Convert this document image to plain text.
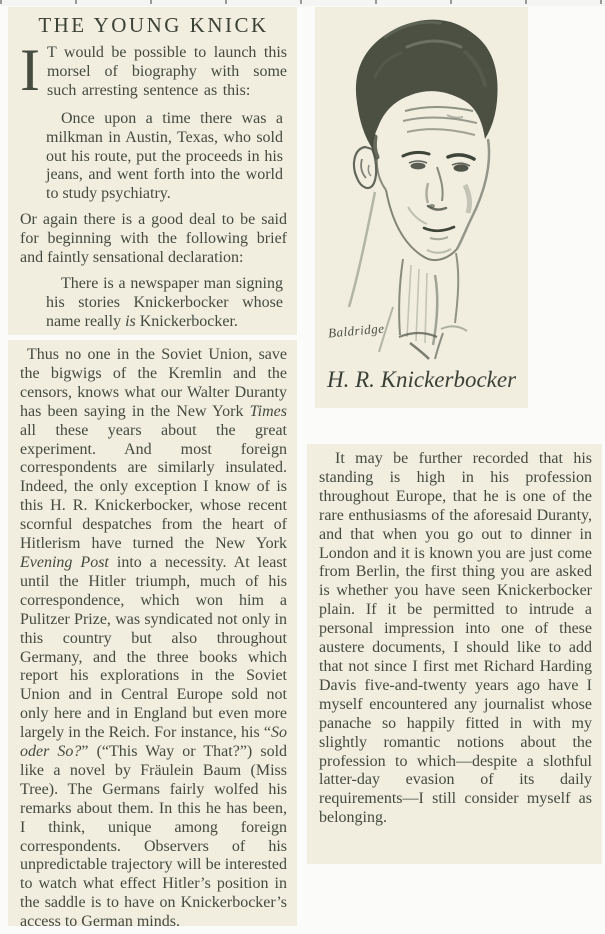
THE YOUNG KNICK

I T would be possible to launch this morsel of biography with some such arresting sentence as this:

Once upon a time there was a milkman in Austin, Texas, who sold out his route, put the proceeds in his jeans, and went forth into the world to study psychiatry.

Or again there is a good deal to be said for beginning with the following brief and faintly sensational declaration:

There is a newspaper man signing his stories Knickerbocker whose name really is Knickerbocker.

Thus no one in the Soviet Union, save the bigwigs of the Kremlin and the censors, knows what our Walter Duranty has been saying in the New York Times all these years about the great experiment. And most foreign correspondents are similarly insulated. Indeed, the only exception I know of is this H. R. Knickerbocker, whose recent scornful despatches from the heart of Hitlerism have turned the New York Evening Post into a necessity. At least until the Hitler triumph, much of his correspondence, which won him a Pulitzer Prize, was syndicated not only in this country but also throughout Germany, and the three books which report his explorations in the Soviet Union and in Central Europe sold not only here and in England but even more largely in the Reich. For instance, his “So oder So?” (“This Way or That?”) sold like a novel by Fräulein Baum (Miss Tree). The Germans fairly wolfed his remarks about them. In this he has been, I think, unique among foreign correspondents. Observers of his unpredictable trajectory will be interested to watch what effect Hitler’s position in the saddle is to have on Knickerbocker’s access to German minds.

Baldridge
H. R. Knickerbocker

It may be further recorded that his standing is high in his profession throughout Europe, that he is one of the rare enthusiasms of the aforesaid Duranty, and that when you go out to dinner in London and it is known you are just come from Berlin, the first thing you are asked is whether you have seen Knickerbocker plain. If it be permitted to intrude a personal impression into one of these austere documents, I should like to add that not since I first met Richard Harding Davis five-and-twenty years ago have I myself encountered any journalist whose panache so happily fitted in with my slightly romantic notions about the profession to which—despite a slothful latter-day evasion of its daily requirements—I still consider myself as belonging.
